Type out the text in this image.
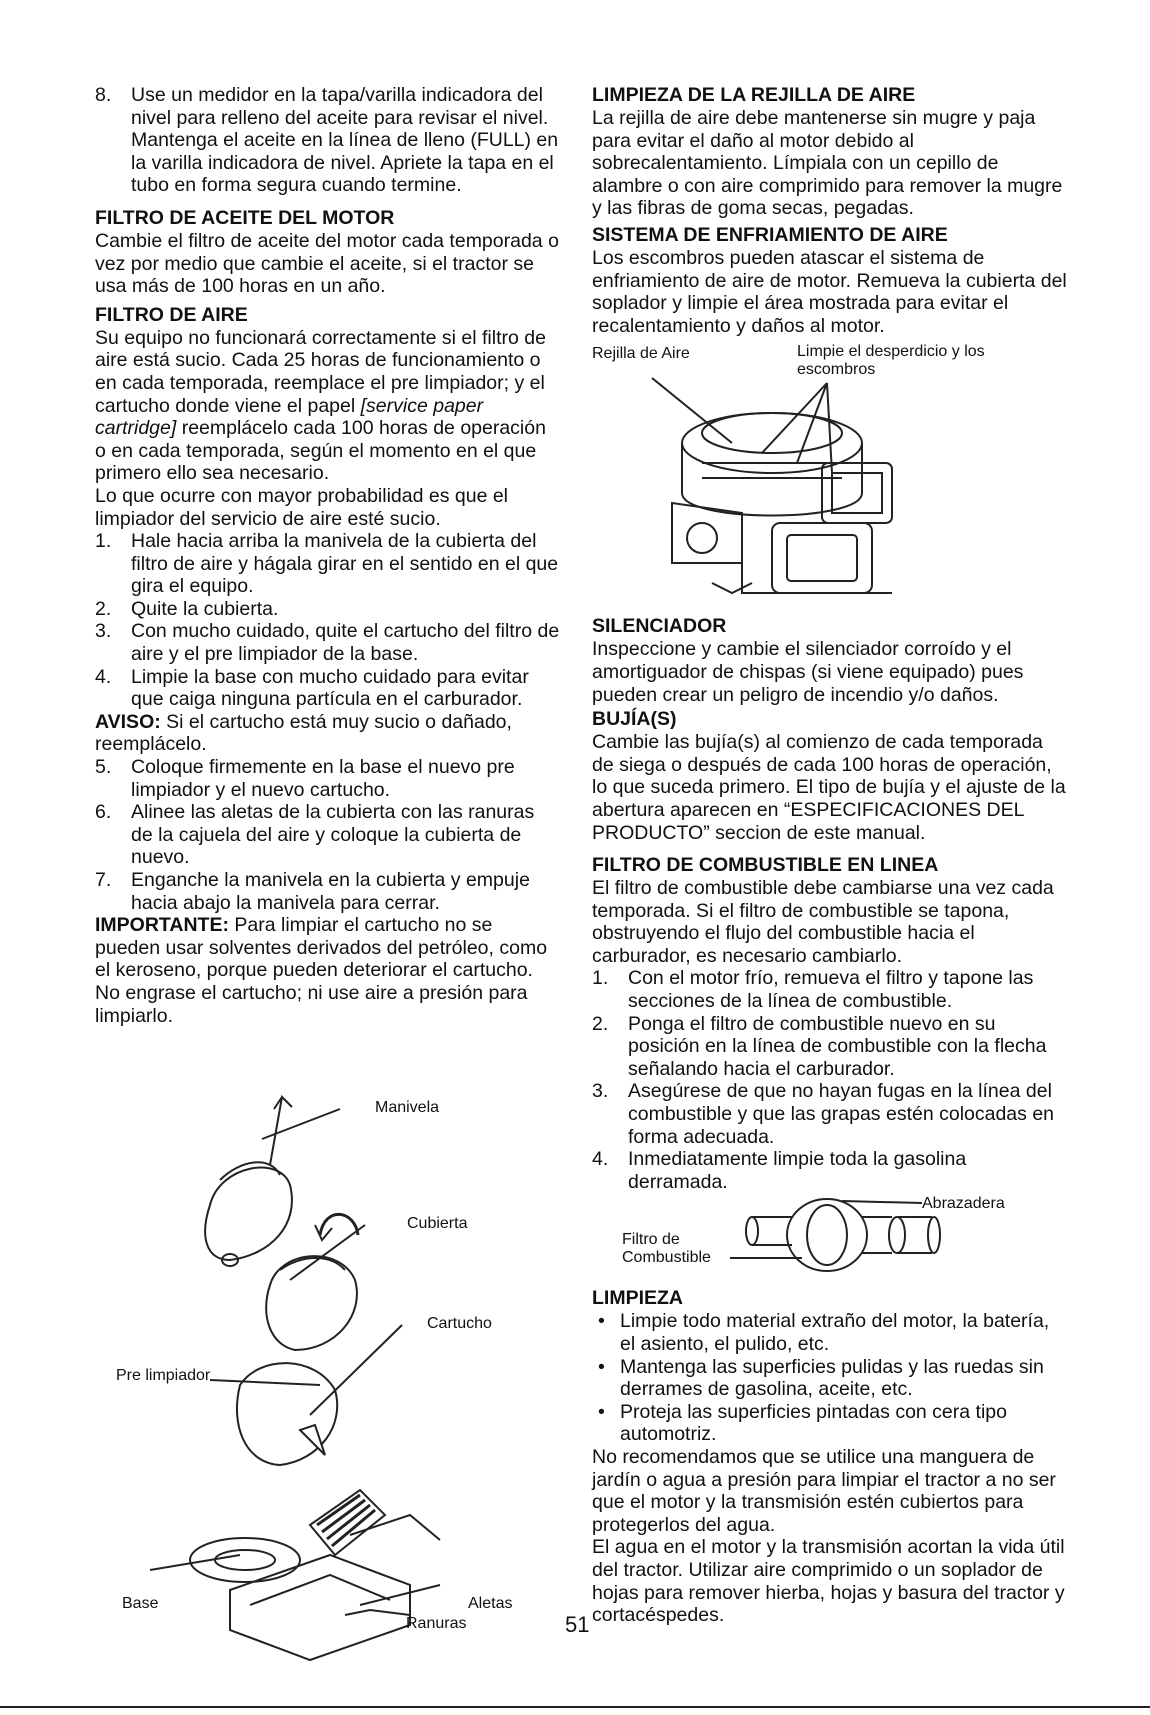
8. Use un medidor en la tapa/varilla indicadora del nivel para relleno del aceite para revisar el nivel. Mantenga el aceite en la línea de lleno (FULL) en la varilla indicadora de nivel. Apriete la tapa en el tubo en forma segura cuando termine.
FILTRO DE ACEITE DEL MOTOR

Cambie el filtro de aceite del motor cada temporada o vez por medio que cambie el aceite, si el tractor se usa más de 100 horas en un año.

FILTRO DE AIRE

Su equipo no funcionará correctamente si el filtro de aire está sucio. Cada 25 horas de funcionamiento o en cada temporada, reemplace el pre limpiador; y el cartucho donde viene el papel [service paper cartridge] reemplácelo cada 100 horas de operación o en cada temporada, según el momento en el que primero ello sea necesario.

Lo que ocurre con mayor probabilidad es que el limpiador del servicio de aire esté sucio.

1. Hale hacia arriba la manivela de la cubierta del filtro de aire y hágala girar en el sentido en el que gira el equipo.
2. Quite la cubierta.
3. Con mucho cuidado, quite el cartucho del filtro de aire y el pre limpiador de la base.
4. Limpie la base con mucho cuidado para evitar que caiga ninguna partícula en el carburador.

AVISO: Si el cartucho está muy sucio o dañado, reemplácelo.

5. Coloque firmemente en la base el nuevo pre limpiador y el nuevo cartucho.
6. Alinee las aletas de la cubierta con las ranuras de la cajuela del aire y coloque la cubierta de nuevo.
7. Enganche la manivela en la cubierta y empuje hacia abajo la manivela para cerrar.

IMPORTANTE: Para limpiar el cartucho no se pueden usar solventes derivados del petróleo, como el keroseno, porque pueden deteriorar el cartucho. No engrase el cartucho; ni use aire a presión para limpiarlo.

Manivela
Cubierta
Cartucho
Pre limpiador
Base	Aletas
Ranuras
LIMPIEZA DE LA REJILLA DE AIRE

La rejilla de aire debe mantenerse sin mugre y paja para evitar el daño al motor debido al sobrecalentamiento. Límpiala con un cepillo de alambre o con aire comprimido para remover la mugre y las fibras de goma secas, pegadas.

SISTEMA DE ENFRIAMIENTO DE AIRE

Los escombros pueden atascar el sistema de enfriamiento de aire de motor. Remueva la cubierta del soplador y limpie el área mostrada para evitar el recalentamiento y daños al motor.

Rejilla de Aire	Limpie el desperdicio y los escombros
SILENCIADOR

Inspeccione y cambie el silenciador corroído y el amortiguador de chispas (si viene equipado) pues pueden crear un peligro de incendio y/o daños.

BUJÍA(S)

Cambie las bujía(s) al comienzo de cada temporada de siega o después de cada 100 horas de operación, lo que suceda primero. El tipo de bujía y el ajuste de la abertura aparecen en “ESPECIFICACIONES DEL PRODUCTO” seccion de este manual.

FILTRO DE COMBUSTIBLE EN LINEA

El filtro de combustible debe cambiarse una vez cada temporada. Si el filtro de combustible se tapona, obstruyendo el flujo del combustible hacia el carburador, es necesario cambiarlo.

1. Con el motor frío, remueva el filtro y tapone las secciones de la línea de combustible.
2. Ponga el filtro de combustible nuevo en su posición en la línea de combustible con la flecha señalando hacia el carburador.
3. Asegúrese de que no hayan fugas en la línea del combustible y que las grapas estén colocadas en forma adecuada.
4. Inmediatamente limpie toda la gasolina derramada.
Abrazadera
Filtro de
Combustible
LIMPIEZA
• Limpie todo material extraño del motor, la batería, el asiento, el pulido, etc.
• Mantenga las superficies pulidas y las ruedas sin derrames de gasolina, aceite, etc.
• Proteja las superficies pintadas con cera tipo automotriz.

No recomendamos que se utilice una manguera de jardín o agua a presión para limpiar el tractor a no ser que el motor y la transmisión estén cubiertos para protegerlos del agua.

El agua en el motor y la transmisión acortan la vida útil del tractor. Utilizar aire comprimido o un soplador de hojas para remover hierba, hojas y basura del tractor y cortacéspedes.

51
